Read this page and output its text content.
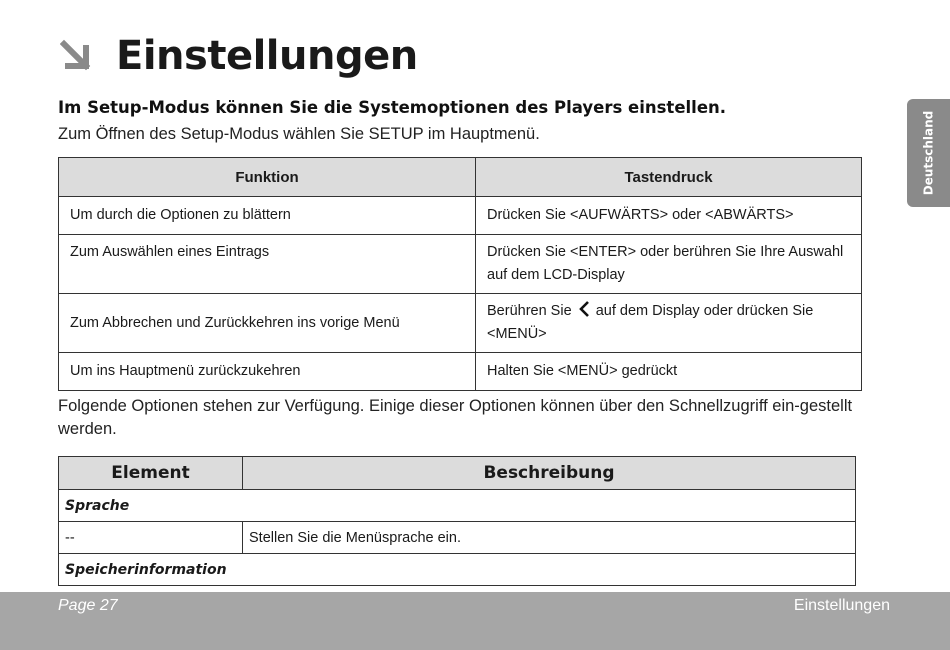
Einstellungen
Im Setup-Modus können Sie die Systemoptionen des Players einstellen.
Zum Öffnen des Setup-Modus wählen Sie SETUP im Hauptmenü.	Deutschland
Funktion	Tastendruck
Um durch die Optionen zu blättern	Drücken Sie <AUFWÄRTS> oder <ABWÄRTS>
Zum Auswählen eines Eintrags	Drücken Sie <ENTER> oder berühren Sie Ihre Auswahl auf dem LCD-Display
Zum Abbrechen und Zurückkehren ins vorige Menü	Berühren Sie auf dem Display oder drücken Sie <MENÜ>
Um ins Hauptmenü zurückzukehren	Halten Sie <MENÜ> gedrückt
Folgende Optionen stehen zur Verfügung. Einige dieser Optionen können über den Schnellzugriff ein-gestellt werden.
Element	Beschreibung
Sprache	
--	Stellen Sie die Menüsprache ein.
Speicherinformation	
Page 27	Einstellungen
